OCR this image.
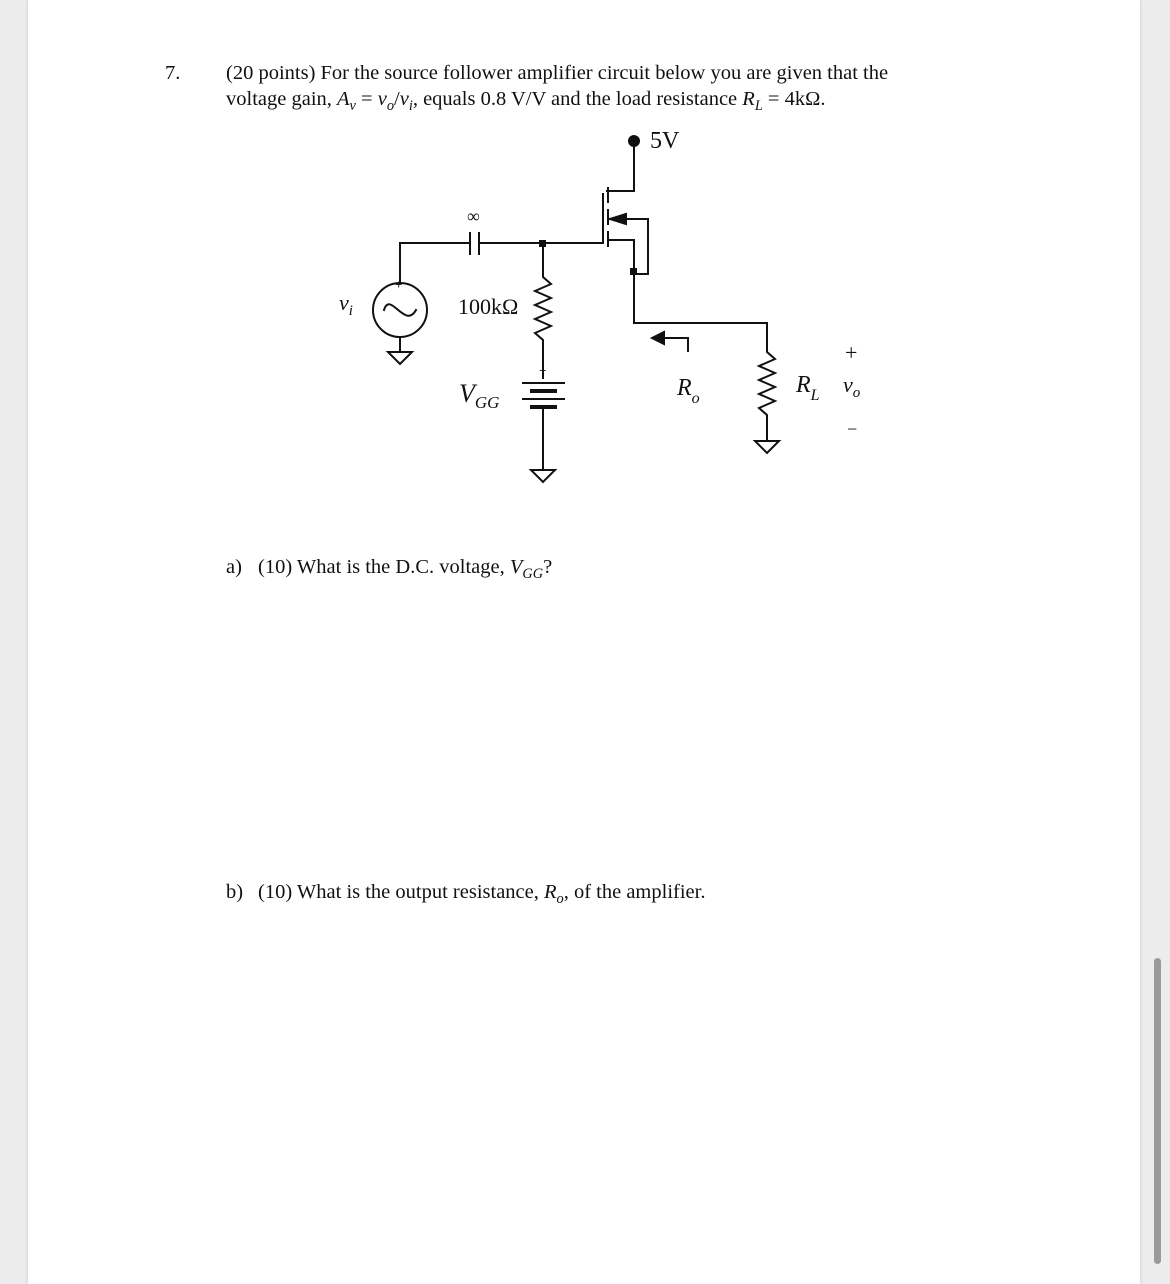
7. (20 points) For the source follower amplifier circuit below you are given that the
voltage gain, $A_v = v_o/v_i$, equals 0.8 V/V and the load resistance $R_L = 4k\Omega$.
5V
∞
+
$v_i$	100kΩ
+
$V_{GG}$
$R_o$
$R_L$
+
$v_o$
−
a) (10) What is the D.C. voltage, $V_{GG}$?
b) (10) What is the output resistance, $R_o$, of the amplifier.
